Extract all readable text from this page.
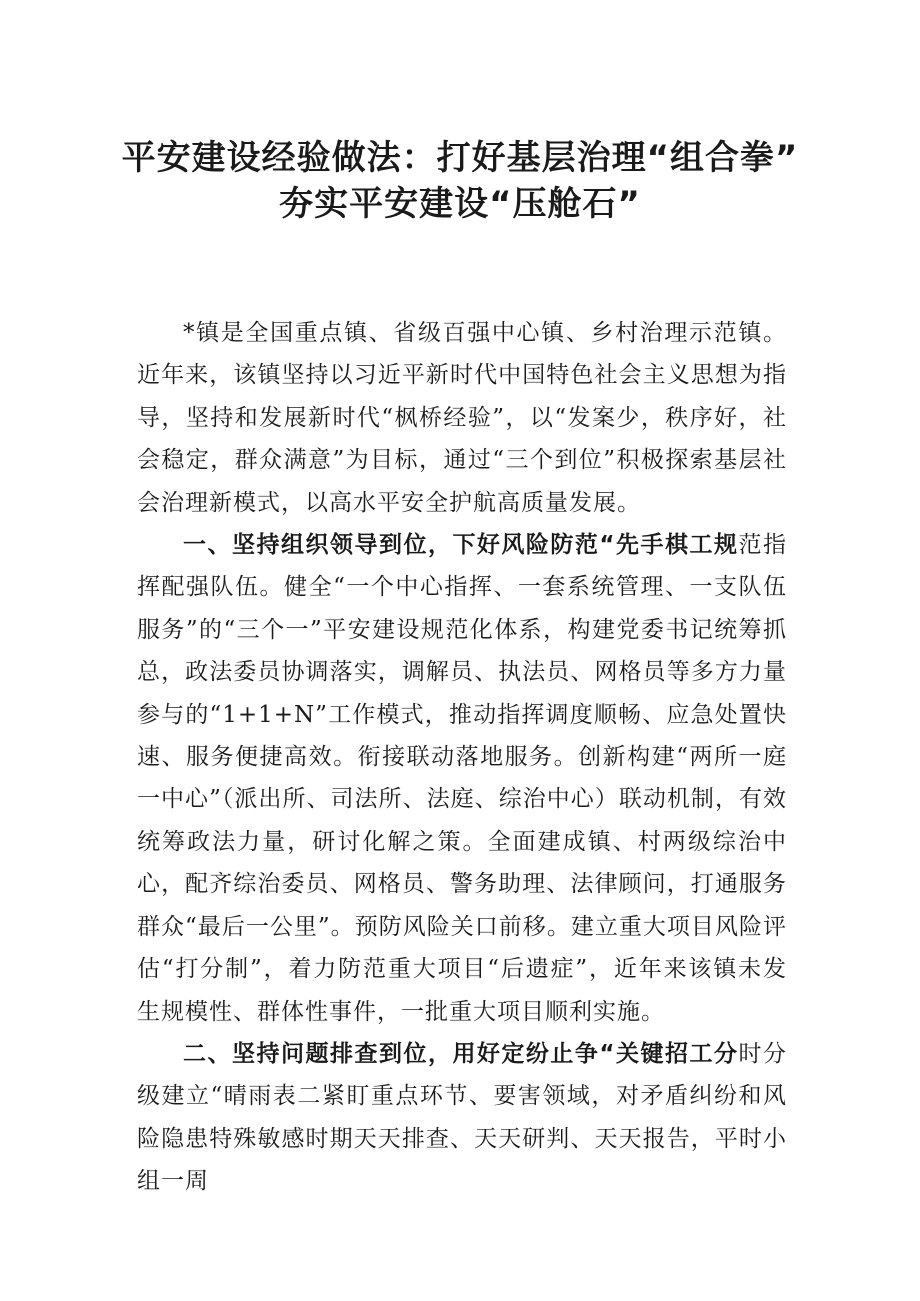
平安建设经验做法：打好基层治理“组合拳”
夯实平安建设“压舱石”

*镇是全国重点镇、省级百强中心镇、乡村治理示范镇。近年来，该镇坚持以习近平新时代中国特色社会主义思想为指导，坚持和发展新时代“枫桥经验”，以“发案少，秩序好，社会稳定，群众满意”为目标，通过“三个到位”积极探索基层社会治理新模式，以高水平安全护航高质量发展。

一、坚持组织领导到位，下好风险防范“先手棋工规范指挥配强队伍。健全“一个中心指挥、一套系统管理、一支队伍服务”的“三个一”平安建设规范化体系，构建党委书记统筹抓总，政法委员协调落实，调解员、执法员、网格员等多方力量参与的“1+1+N”工作模式，推动指挥调度顺畅、应急处置快速、服务便捷高效。衔接联动落地服务。创新构建“两所一庭一中心”（派出所、司法所、法庭、综治中心）联动机制，有效统筹政法力量，研讨化解之策。全面建成镇、村两级综治中心，配齐综治委员、网格员、警务助理、法律顾问，打通服务群众“最后一公里”。预防风险关口前移。建立重大项目风险评估“打分制”，着力防范重大项目“后遗症”，近年来该镇未发生规模性、群体性事件，一批重大项目顺利实施。

二、坚持问题排查到位，用好定纷止争“关键招工分时分级建立“晴雨表二紧盯重点环节、要害领域，对矛盾纠纷和风险隐患特殊敏感时期天天排查、天天研判、天天报告，平时小组一周
